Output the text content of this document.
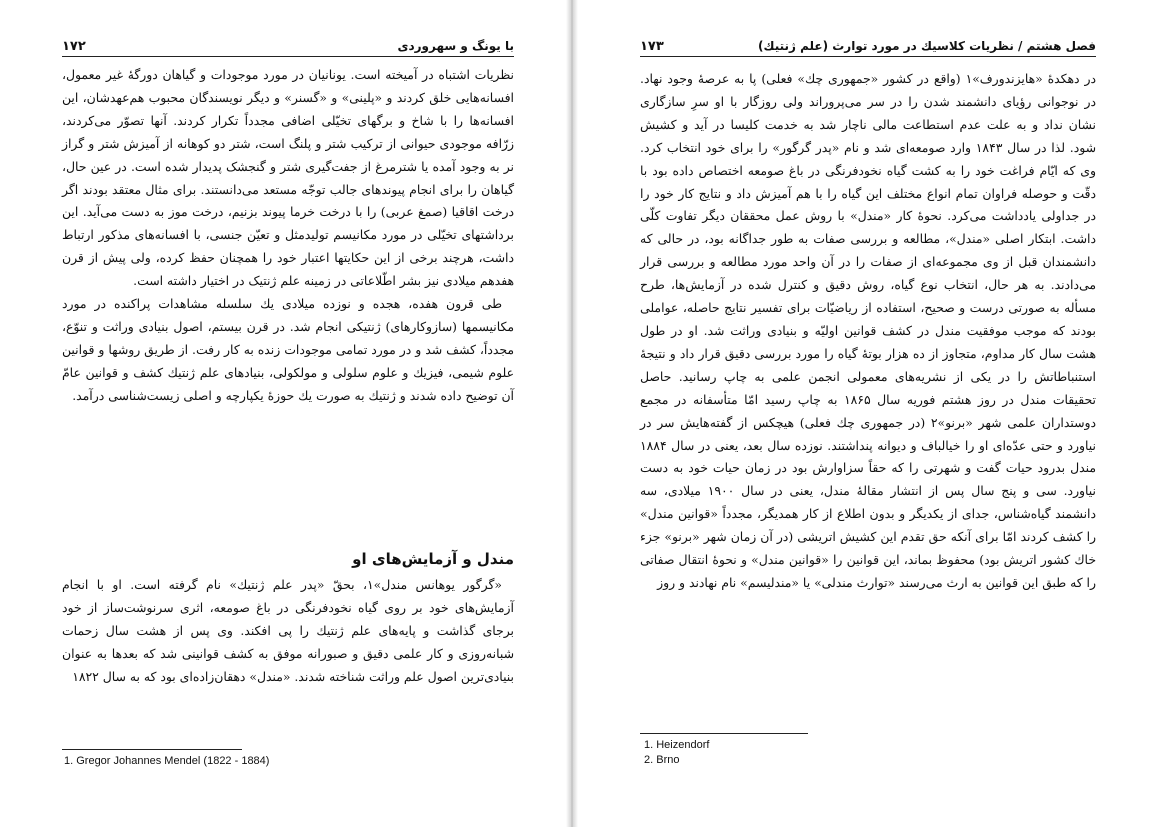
با یونگ و سهروردی
۱۷۲

نظریات اشتباه در آمیخته است. یونانیان در مورد موجودات و گیاهان دورگهٔ غیر معمول، افسانه‌هایی خلق کردند و «پلینی» و «گسنر» و دیگر نویسندگان محبوب هم‌عهدشان، این افسانه‌ها را با شاخ و برگهای تخیّلی اضافی مجدداً تکرار کردند. آنها تصوّر می‌کردند، زرّافه موجودی حیوانی از ترکیب شتر و پلنگ است، شتر دو کوهانه از آمیزش شتر و گراز نر به وجود آمده یا شترمرغ از جفت‌گیری شتر و گنجشک پدیدار شده است. در عین حال، گیاهان را برای انجام پیوندهای جالب توجّه مستعد می‌دانستند. برای مثال معتقد بودند اگر درخت اقاقیا (صمغ عربی) را با درخت خرما پیوند بزنیم، درخت موز به دست می‌آید. این برداشتهای تخیّلی در مورد مکانیسم تولیدمثل و تعیّن جنسی، با افسانه‌های مذکور ارتباط داشت، هرچند برخی از این حکایتها اعتبار خود را همچنان حفظ کرده، ولی پیش از قرن هفدهم میلادی نیز بشر اطّلاعاتی در زمینه علم ژنتیک در اختیار داشته است.

طی قرون هفده، هجده و نوزده میلادی یك سلسله مشاهدات پراکنده در مورد مکانیسمها (سازوکارهای) ژنتیکی انجام شد. در قرن بیستم، اصول بنیادی وراثت و تنوّع، مجدداً، کشف شد و در مورد تمامی موجودات زنده به کار رفت. از طریق روشها و قوانین علوم شیمی، فیزیك و علوم سلولی و مولکولی، بنیادهای علم ژنتیك کشف و قوانین عامّ آن توضیح داده شدند و ژنتیك به صورت یك حوزهٔ یکپارچه و اصلی زیست‌شناسی درآمد.

مندل و آزمایش‌های او

«گرگور یوهانس مندل»۱، بحقّ «پدر علم ژنتیك» نام گرفته است. او با انجام آزمایش‌های خود بر روی گیاه نخودفرنگی در باغ صومعه، اثری سرنوشت‌ساز از خود برجای گذاشت و پایه‌های علم ژنتیك را پی افکند. وی پس از هشت سال زحمات شبانه‌روزی و کار علمی دقیق و صبورانه موفق به کشف قوانینی شد که بعدها به عنوان بنیادی‌ترین اصول علم وراثت شناخته شدند. «مندل» دهقان‌زاده‌ای بود که به سال ۱۸۲۲

1. Gregor Johannes Mendel (1822 - 1884)
فصل هشتم / نظریات کلاسیك در مورد توارث (علم ژنتیك)
۱۷۳

در دهکدهٔ «هایزندورف»۱ (واقع در کشور «جمهوری چك» فعلی) پا به عرصهٔ وجود نهاد. در نوجوانی رؤیای دانشمند شدن را در سر می‌پروراند ولی روزگار با او سرِ سازگاری نشان نداد و به علت عدم استطاعت مالی ناچار شد به خدمت کلیسا در آید و کشیش شود. لذا در سال ۱۸۴۳ وارد صومعه‌ای شد و نام «پدر گرگور» را برای خود انتخاب کرد. وی که ایّام فراغت خود را به کشت گیاه نخودفرنگی در باغ صومعه اختصاص داده بود با دقّت و حوصله فراوان تمام انواع مختلف این گیاه را با هم آمیزش داد و نتایج کار خود را در جداولی یادداشت می‌کرد. نحوهٔ کار «مندل» با روش عمل محققان دیگر تفاوت کلّی داشت. ابتکار اصلی «مندل»، مطالعه و بررسی صفات به طور جداگانه بود، در حالی که دانشمندان قبل از وی مجموعه‌ای از صفات را در آن واحد مورد مطالعه و بررسی قرار می‌دادند. به هر حال، انتخاب نوع گیاه، روش دقیق و کنترل شده در آزمایش‌ها، طرح مسأله به صورتی درست و صحیح، استفاده از ریاضیّات برای تفسیر نتایج حاصله، عواملی بودند که موجب موفقیت مندل در کشف قوانین اولیّه و بنیادی وراثت شد. او در طول هشت سال کار مداوم، متجاوز از ده هزار بوتهٔ گیاه را مورد بررسی دقیق قرار داد و نتیجهٔ استنباطاتش را در یکی از نشریه‌های معمولی انجمن علمی به چاپ رسانید. حاصل تحقیقات مندل در روز هشتم فوریه سال ۱۸۶۵ به چاپ رسید امّا متأسفانه در مجمع دوستداران علمی شهر «برنو»۲ (در جمهوری چك فعلی) هیچکس از گفته‌هایش سر در نیاورد و حتی عدّه‌ای او را خیالباف و دیوانه پنداشتند. نوزده سال بعد، یعنی در سال ۱۸۸۴ مندل بدرود حیات گفت و شهرتی را که حقاً سزاوارش بود در زمان حیات خود به دست نیاورد. سی و پنج سال پس از انتشار مقالهٔ مندل، یعنی در سال ۱۹۰۰ میلادی، سه دانشمند گیاه‌شناس، جدای از یکدیگر و بدون اطلاع از کار همدیگر، مجدداً «قوانین مندل» را کشف کردند امّا برای آنکه حق تقدم این کشیش اتریشی (در آن زمان شهر «برنو» جزء خاك کشور اتریش بود) محفوظ بماند، این قوانین را «قوانین مندل» و نحوهٔ انتقال صفاتی را که طبق این قوانین به ارث می‌رسند «توارث مندلی» یا «مندلیسم» نام نهادند و روز

1. Heizendorf
2. Brno
